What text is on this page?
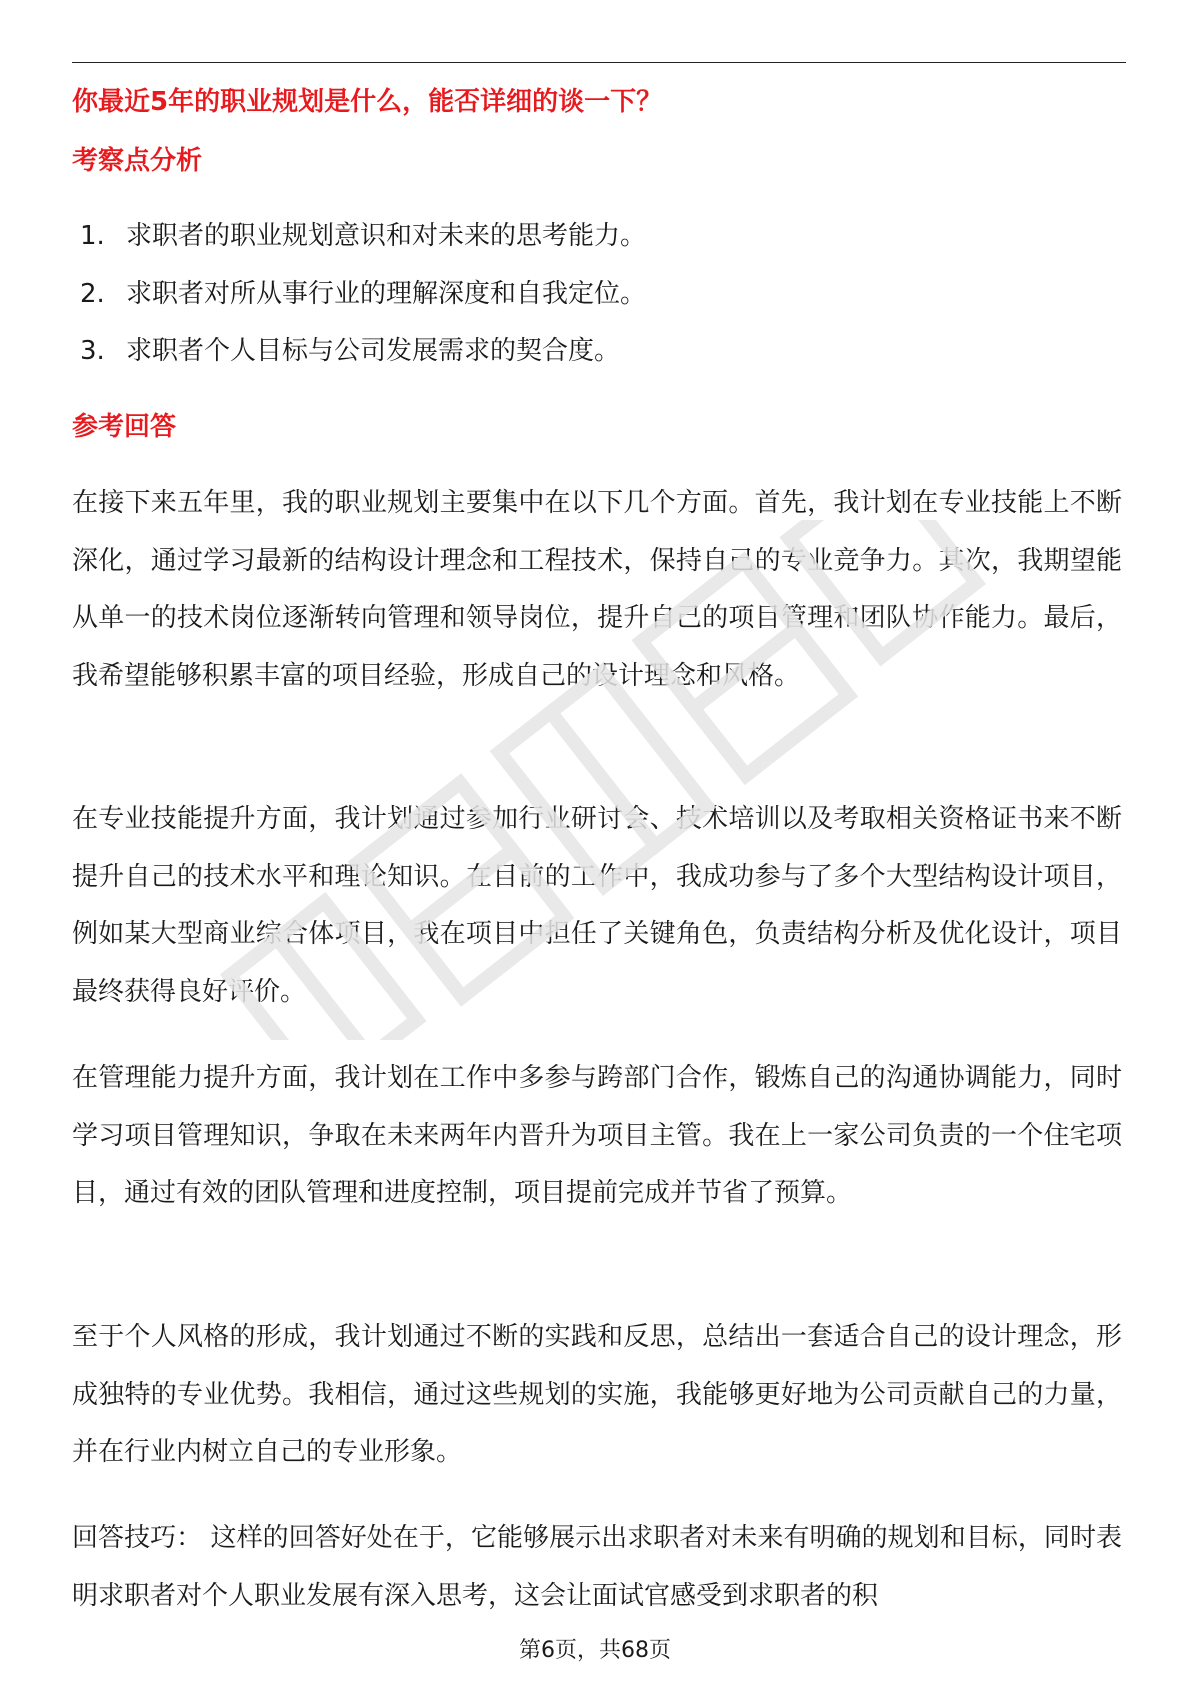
你最近5年的职业规划是什么，能否详细的谈一下？
考察点分析
1. 求职者的职业规划意识和对未来的思考能力。
2. 求职者对所从事行业的理解深度和自我定位。
3. 求职者个人目标与公司发展需求的契合度。
参考回答

在接下来五年里，我的职业规划主要集中在以下几个方面。首先，我计划在专业技能上不断深化，通过学习最新的结构设计理念和工程技术，保持自己的专业竞争力。其次，我期望能从单一的技术岗位逐渐转向管理和领导岗位，提升自己的项目管理和团队协作能力。最后，我希望能够积累丰富的项目经验，形成自己的设计理念和风格。

在专业技能提升方面，我计划通过参加行业研讨会、技术培训以及考取相关资格证书来不断提升自己的技术水平和理论知识。在目前的工作中，我成功参与了多个大型结构设计项目，例如某大型商业综合体项目，我在项目中担任了关键角色，负责结构分析及优化设计，项目最终获得良好评价。

在管理能力提升方面，我计划在工作中多参与跨部门合作，锻炼自己的沟通协调能力，同时学习项目管理知识，争取在未来两年内晋升为项目主管。我在上一家公司负责的一个住宅项目，通过有效的团队管理和进度控制，项目提前完成并节省了预算。

至于个人风格的形成，我计划通过不断的实践和反思，总结出一套适合自己的设计理念，形成独特的专业优势。我相信，通过这些规划的实施，我能够更好地为公司贡献自己的力量，并在行业内树立自己的专业形象。

回答技巧： 这样的回答好处在于，它能够展示出求职者对未来有明确的规划和目标，同时表明求职者对个人职业发展有深入思考，这会让面试官感受到求职者的积

第6页，共68页
